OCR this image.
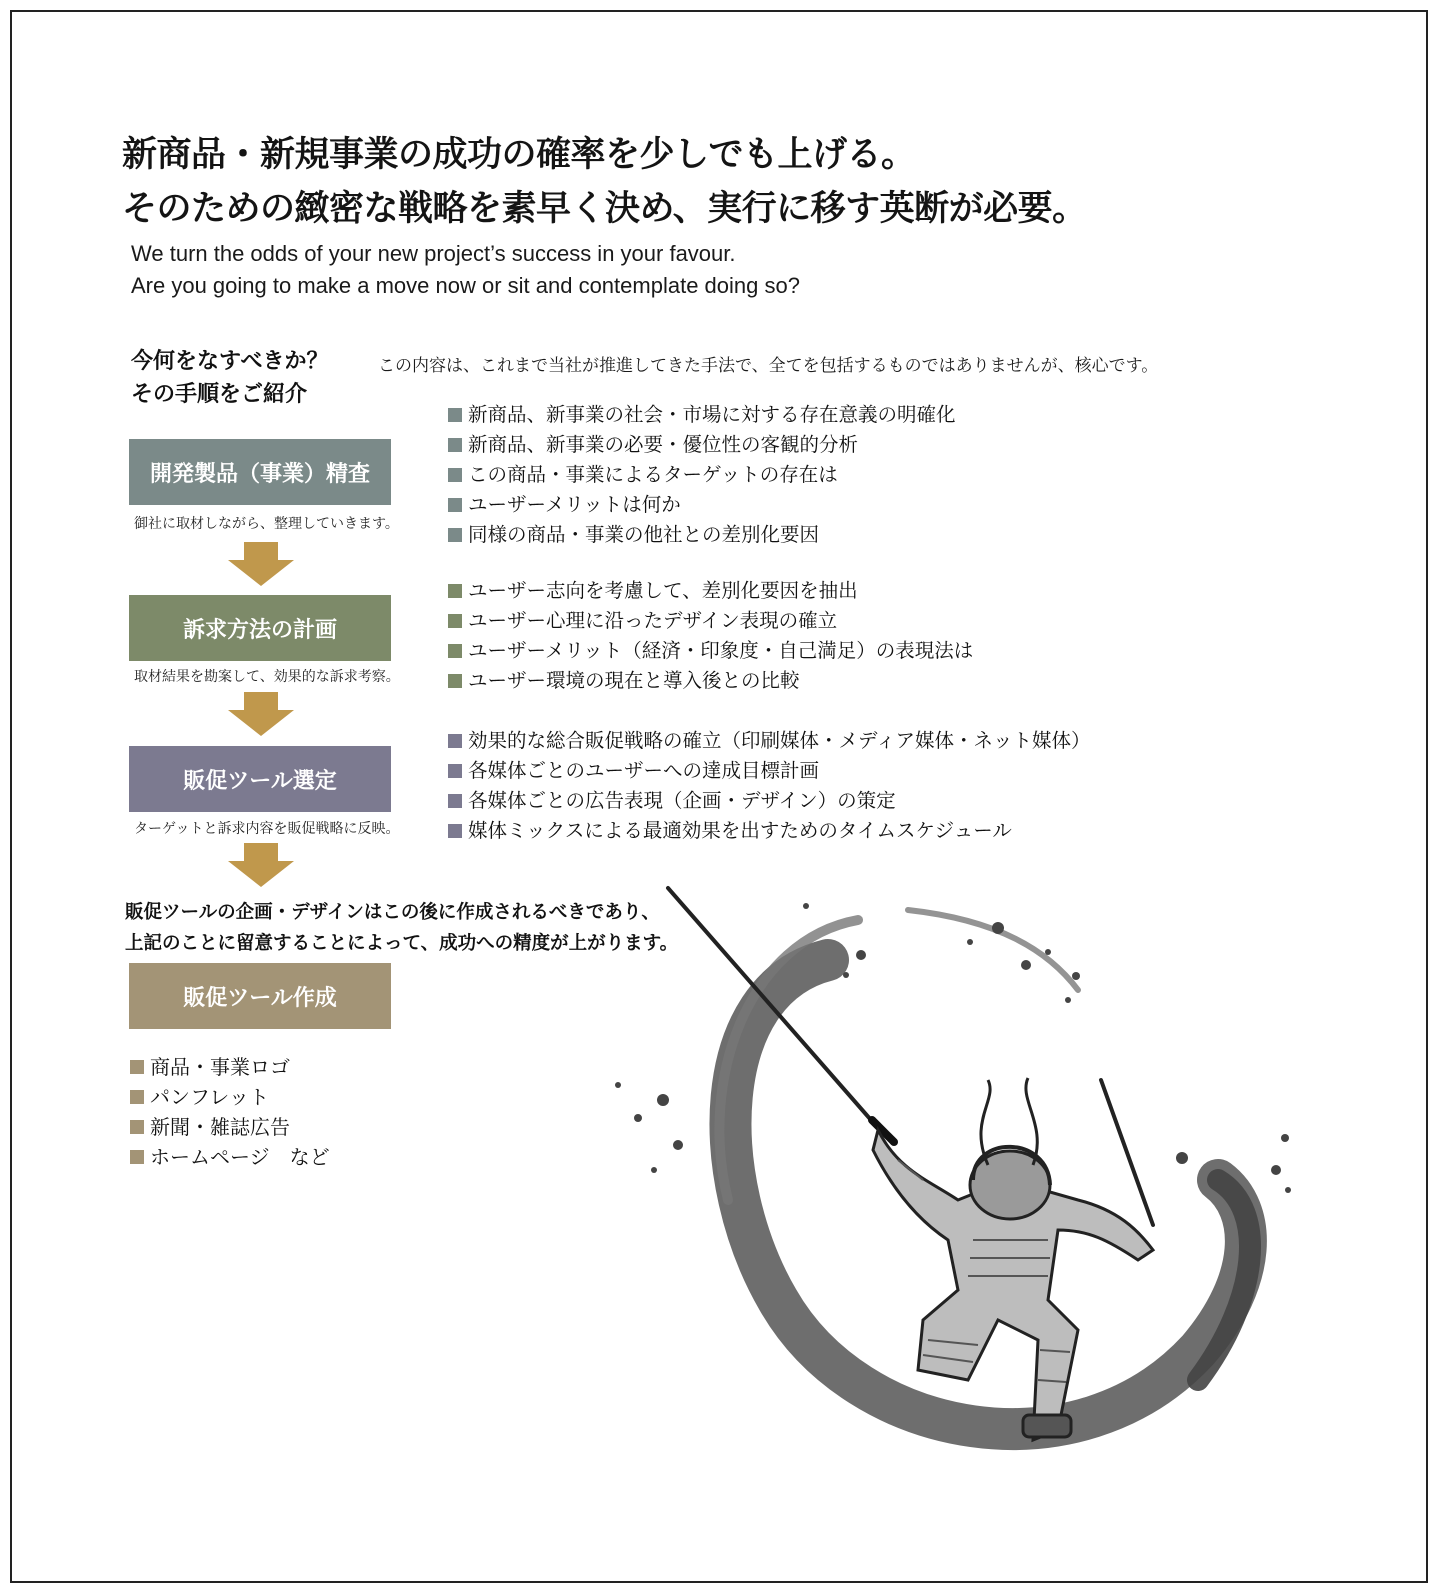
新商品・新規事業の成功の確率を少しでも上げる。
そのための緻密な戦略を素早く決め、実行に移す英断が必要。
We turn the odds of your new project’s success in your favour.
Are you going to make a move now or sit and contemplate doing so?
今何をなすべきか？
その手順をご紹介
この内容は、これまで当社が推進してきた手法で、全てを包括するものではありませんが、核心です。
開発製品（事業）精査
御社に取材しながら、整理していきます。
訴求方法の計画
取材結果を勘案して、効果的な訴求考察。
販促ツール選定
ターゲットと訴求内容を販促戦略に反映。
新商品、新事業の社会・市場に対する存在意義の明確化
新商品、新事業の必要・優位性の客観的分析
この商品・事業によるターゲットの存在は
ユーザーメリットは何か
同様の商品・事業の他社との差別化要因
ユーザー志向を考慮して、差別化要因を抽出
ユーザー心理に沿ったデザイン表現の確立
ユーザーメリット（経済・印象度・自己満足）の表現法は
ユーザー環境の現在と導入後との比較
効果的な総合販促戦略の確立（印刷媒体・メディア媒体・ネット媒体）
各媒体ごとのユーザーへの達成目標計画
各媒体ごとの広告表現（企画・デザイン）の策定
媒体ミックスによる最適効果を出すためのタイムスケジュール
販促ツールの企画・デザインはこの後に作成されるべきであり、
上記のことに留意することによって、成功への精度が上がります。
販促ツール作成
商品・事業ロゴ
パンフレット
新聞・雑誌広告
ホームページ　など
